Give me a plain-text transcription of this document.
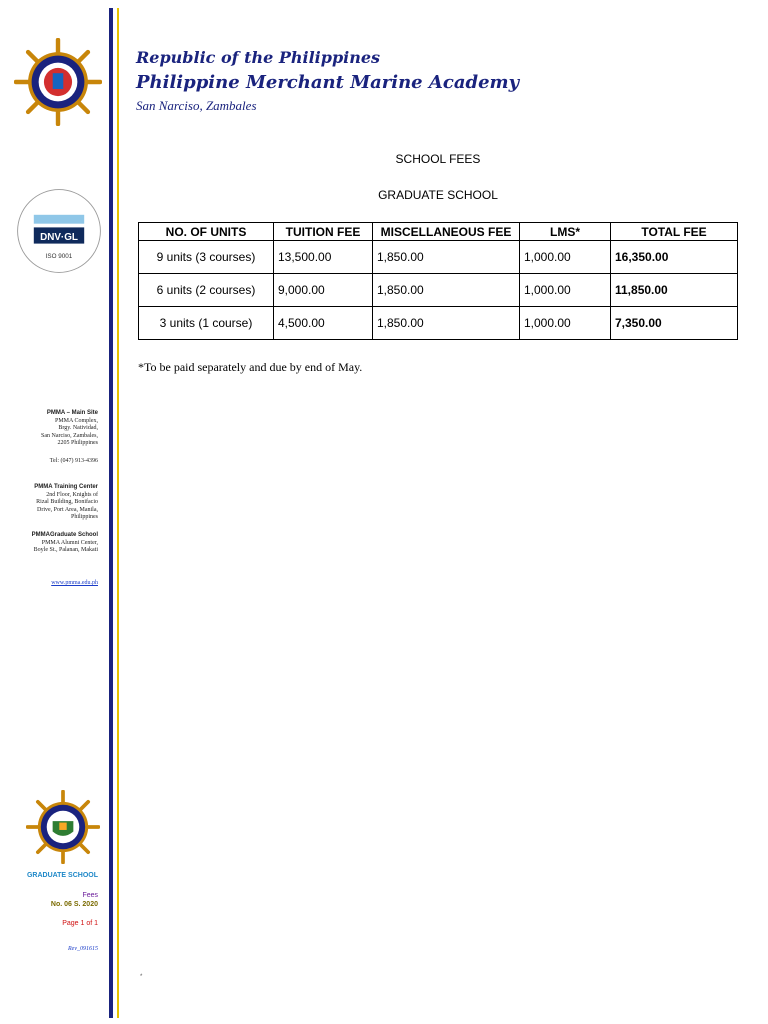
DNV·GL
ISO 9001
Republic of the Philippines
Philippine Merchant Marine Academy
San Narciso, Zambales
SCHOOL FEES
GRADUATE SCHOOL
NO. OF UNITS	TUITION FEE	MISCELLANEOUS FEE	LMS*	TOTAL FEE
9 units (3 courses)	13,500.00	1,850.00	1,000.00	16,350.00
6 units (2 courses)	9,000.00	1,850.00	1,000.00	11,850.00
3 units (1 course)	4,500.00	1,850.00	1,000.00	7,350.00
*To be paid separately and due by end of May.
PMMA – Main Site
PMMA Complex,
Brgy. Natividad,
San Narciso, Zambales,
2205 Philippines
Tel: (047) 913-4396
PMMA Training Center
2nd Floor, Knights of
Rizal Building, Bonifacio
Drive, Port Area, Manila,
Philippines
PMMAGraduate School
PMMA Alumni Center,
Boyle St., Palanan, Makati
www.pmma.edu.ph
GRADUATE SCHOOL
Fees
No. 06 S. 2020
Page 1 of 1
Rev_091615
*
